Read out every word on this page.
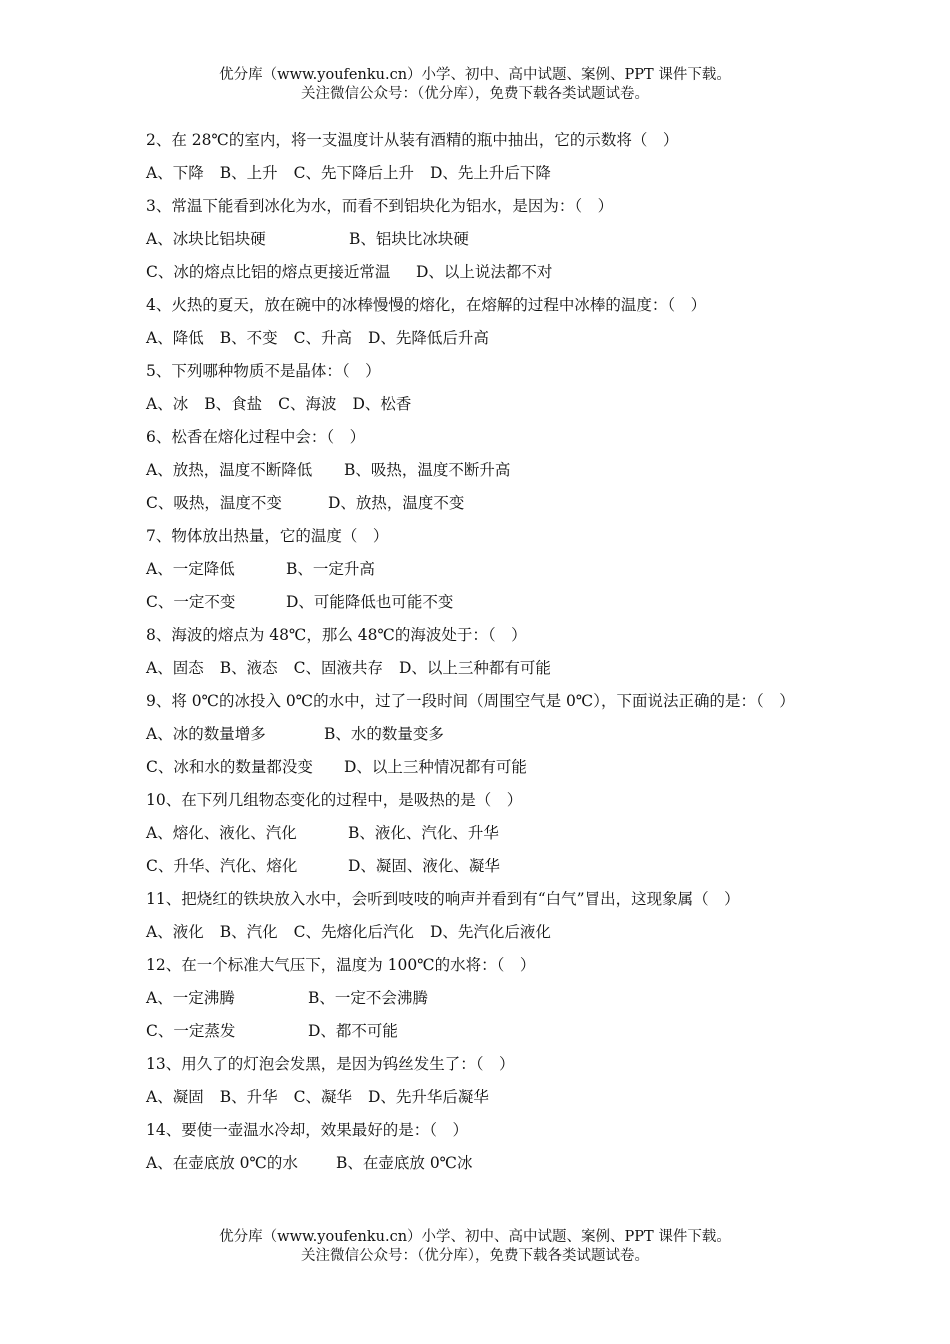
优分库（www.youfenku.cn）小学、初中、高中试题、案例、PPT 课件下载。
关注微信公众号：（优分库），免费下载各类试题试卷。
2、在 28℃的室内，将一支温度计从装有酒精的瓶中抽出，它的示数将（　）
A、下降 B、上升 C、先下降后上升 D、先上升后下降
3、常温下能看到冰化为水，而看不到铝块化为铝水，是因为：（　）
A、冰块比铝块硬	B、铝块比冰块硬
C、冰的熔点比铝的熔点更接近常温 D、以上说法都不对
4、火热的夏天，放在碗中的冰棒慢慢的熔化，在熔解的过程中冰棒的温度：（　）
A、降低 B、不变 C、升高 D、先降低后升高
5、下列哪种物质不是晶体：（　）
A、冰 B、食盐 C、海波 D、松香
6、松香在熔化过程中会：（　）
A、放热，温度不断降低 B、吸热，温度不断升高
C、吸热，温度不变	D、放热，温度不变
7、物体放出热量，它的温度（　）
A、一定降低	B、一定升高
C、一定不变	D、可能降低也可能不变
8、海波的熔点为 48℃，那么 48℃的海波处于：（　）
A、固态 B、液态 C、固液共存 D、以上三种都有可能
9、将 0℃的冰投入 0℃的水中，过了一段时间（周围空气是 0℃），下面说法正确的是：（　）
A、冰的数量增多	B、水的数量变多
C、冰和水的数量都没变 D、以上三种情况都有可能
10、在下列几组物态变化的过程中，是吸热的是（　）
A、熔化、液化、汽化	B、液化、汽化、升华
C、升华、汽化、熔化	D、凝固、液化、凝华
11、把烧红的铁块放入水中，会听到吱吱的响声并看到有“白气”冒出，这现象属（　）
A、液化 B、汽化 C、先熔化后汽化 D、先汽化后液化
12、在一个标准大气压下，温度为 100℃的水将：（　）
A、一定沸腾	B、一定不会沸腾
C、一定蒸发	D、都不可能
13、用久了的灯泡会发黑，是因为钨丝发生了：（　）
A、凝固 B、升华 C、凝华 D、先升华后凝华
14、要使一壶温水冷却，效果最好的是：（　）
A、在壶底放 0℃的水 B、在壶底放 0℃冰
优分库（www.youfenku.cn）小学、初中、高中试题、案例、PPT 课件下载。
关注微信公众号：（优分库），免费下载各类试题试卷。
